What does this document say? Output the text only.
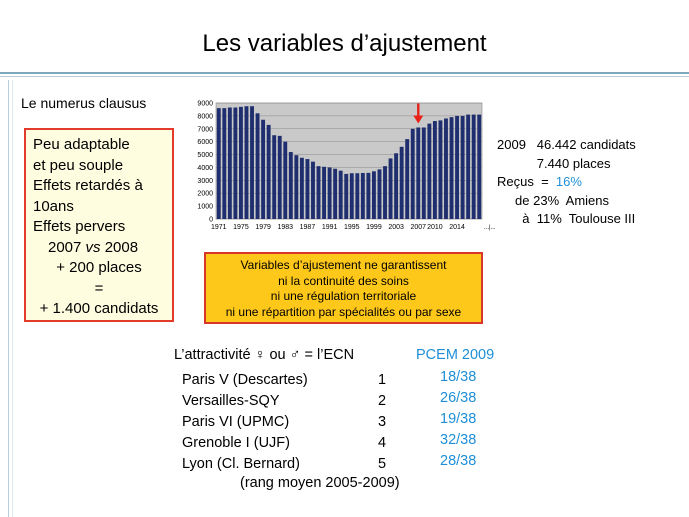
Les variables d’ajustement
Le numerus clausus
Peu adaptable
et peu souple
Effets retardés à
10ans
Effets pervers
2007 vs 2008
+ 200 places
=
+ 1.400 candidats
0
1000
2000
3000
4000
5000
6000
7000
8000
9000
1971 1975 1979 1983 1987 1991 1995 1999 2003 2007 2010 2014	...|...
2009   46.442 candidats
7.440 places
Reçus  =  16%
de 23%  Amiens
à  11%  Toulouse III
Variables d’ajustement ne garantissent
ni la continuité des soins
ni une régulation territoriale
ni une répartition par spécialités ou par sexe
L’attractivité ♀ ou ♂ = l’ECN	PCEM 2009
Paris V (Descartes)	1	18/38
Versailles-SQY	2	26/38
Paris VI (UPMC)	3	19/38
Grenoble I (UJF)	4	32/38
Lyon (Cl. Bernard)	5	28/38
(rang moyen 2005-2009)
